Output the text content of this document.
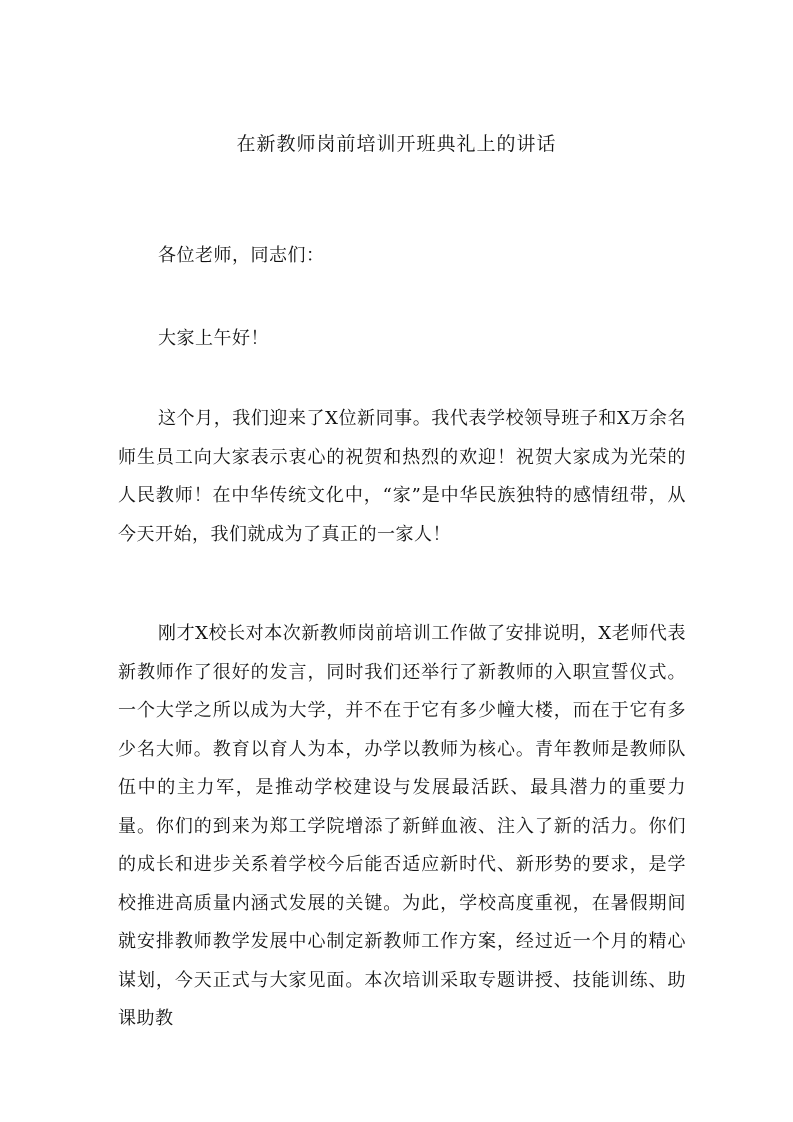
在新教师岗前培训开班典礼上的讲话

各位老师，同志们：

大家上午好！

这个月，我们迎来了X位新同事。我代表学校领导班子和X万余名师生员工向大家表示衷心的祝贺和热烈的欢迎！祝贺大家成为光荣的人民教师！在中华传统文化中，“家”是中华民族独特的感情纽带，从今天开始，我们就成为了真正的一家人！

刚才X校长对本次新教师岗前培训工作做了安排说明，X老师代表新教师作了很好的发言，同时我们还举行了新教师的入职宣誓仪式。一个大学之所以成为大学，并不在于它有多少幢大楼，而在于它有多少名大师。教育以育人为本，办学以教师为核心。青年教师是教师队伍中的主力军，是推动学校建设与发展最活跃、最具潜力的重要力量。你们的到来为郑工学院增添了新鲜血液、注入了新的活力。你们的成长和进步关系着学校今后能否适应新时代、新形势的要求，是学校推进高质量内涵式发展的关键。为此，学校高度重视，在暑假期间就安排教师教学发展中心制定新教师工作方案，经过近一个月的精心谋划，今天正式与大家见面。本次培训采取专题讲授、技能训练、助课助教
